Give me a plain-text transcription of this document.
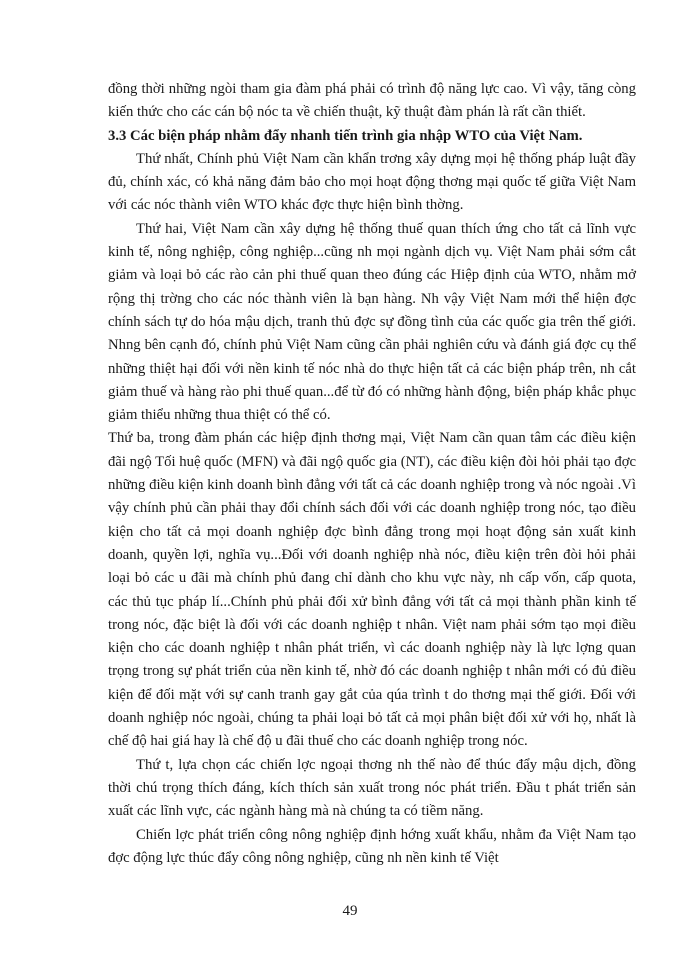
đồng thời những ngòi tham gia đàm phá phải có trình độ năng lực cao. Vì vậy, tăng còng kiến thức cho các cán bộ nóc ta về chiến thuật, kỹ thuật đàm phán là rất cần thiết.

3.3 Các biện pháp nhằm đẩy nhanh tiến trình gia nhập WTO của Việt Nam.

Thứ nhất, Chính phủ Việt Nam cần khẩn trơng xây dựng mọi hệ thống pháp luật đầy đủ, chính xác, có khả năng đảm bảo cho mọi hoạt động thơng mại quốc tế giữa Việt Nam với các nóc thành viên WTO khác đợc thực hiện bình thờng.

Thứ hai, Việt Nam cần xây dựng hệ thống thuế quan thích ứng cho tất cả lĩnh vực kinh tế, nông nghiệp, công nghiệp...cũng nh mọi ngành dịch vụ. Việt Nam phải sớm cắt giảm và loại bỏ các rào cản phi thuế quan theo đúng các Hiệp định của WTO, nhằm mở rộng thị trờng cho các nóc thành viên là bạn hàng. Nh vậy Việt Nam mới thể hiện đợc chính sách tự do hóa mậu dịch, tranh thủ đợc sự đồng tình của các quốc gia trên thế giới. Nhng bên cạnh đó, chính phủ Việt Nam cũng cần phải nghiên cứu và đánh giá đợc cụ thể những thiệt hại đối với nền kinh tế nóc nhà do thực hiện tất cả các biện pháp trên, nh cắt giảm thuế và hàng rào phi thuế quan...để từ đó có những hành động, biện pháp khắc phục giảm thiểu những thua thiệt có thể có.

Thứ ba, trong đàm phán các hiệp định thơng mại, Việt Nam cần quan tâm các điều kiện đãi ngộ Tối huệ quốc (MFN) và đãi ngộ quốc gia (NT), các điều kiện đòi hỏi phải tạo đợc những điều kiện kinh doanh bình đẳng với tất cả các doanh nghiệp trong và nóc ngoài .Vì vậy chính phủ cần phải thay đổi chính sách đối với các doanh nghiệp trong nóc, tạo điều kiện cho tất cả mọi doanh nghiệp đợc bình đẳng trong mọi hoạt động sản xuất kinh doanh, quyền lợi, nghĩa vụ...Đối với doanh nghiệp nhà nóc, điều kiện trên đòi hỏi phải loại bỏ các u đãi mà chính phủ đang chỉ dành cho khu vực này, nh cấp vốn, cấp quota, các thủ tục pháp lí...Chính phủ phải đối xử bình đẳng với tất cả mọi thành phần kinh tế trong nóc, đặc biệt là đối với các doanh nghiệp t nhân. Việt nam phải sớm tạo mọi điều kiện cho các doanh nghiệp t nhân phát triển, vì các doanh nghiệp này là lực lợng quan trọng trong sự phát triển của nền kinh tế, nhờ đó các doanh nghiệp t nhân mới có đủ điều kiện để đối mặt với sự canh tranh gay gắt của qúa trình t do thơng mại thế giới. Đối với doanh nghiệp nóc ngoài, chúng ta phải loại bỏ tất cả mọi phân biệt đối xử với họ, nhất là chế độ hai giá hay là chế độ u đãi thuế cho các doanh nghiệp trong nóc.

Thứ t, lựa chọn các chiến lợc ngoại thơng nh thế nào để thúc đẩy mậu dịch, đồng thời chú trọng thích đáng, kích thích sản xuất trong nóc phát triển. Đầu t phát triển sản xuất các lĩnh vực, các ngành hàng mà nà chúng ta có tiềm năng.

Chiến lợc phát triển công nông nghiệp định hớng xuất khẩu, nhằm đa Việt Nam tạo đợc động lực thúc đẩy công nông nghiệp, cũng nh nền kinh tế Việt

49
